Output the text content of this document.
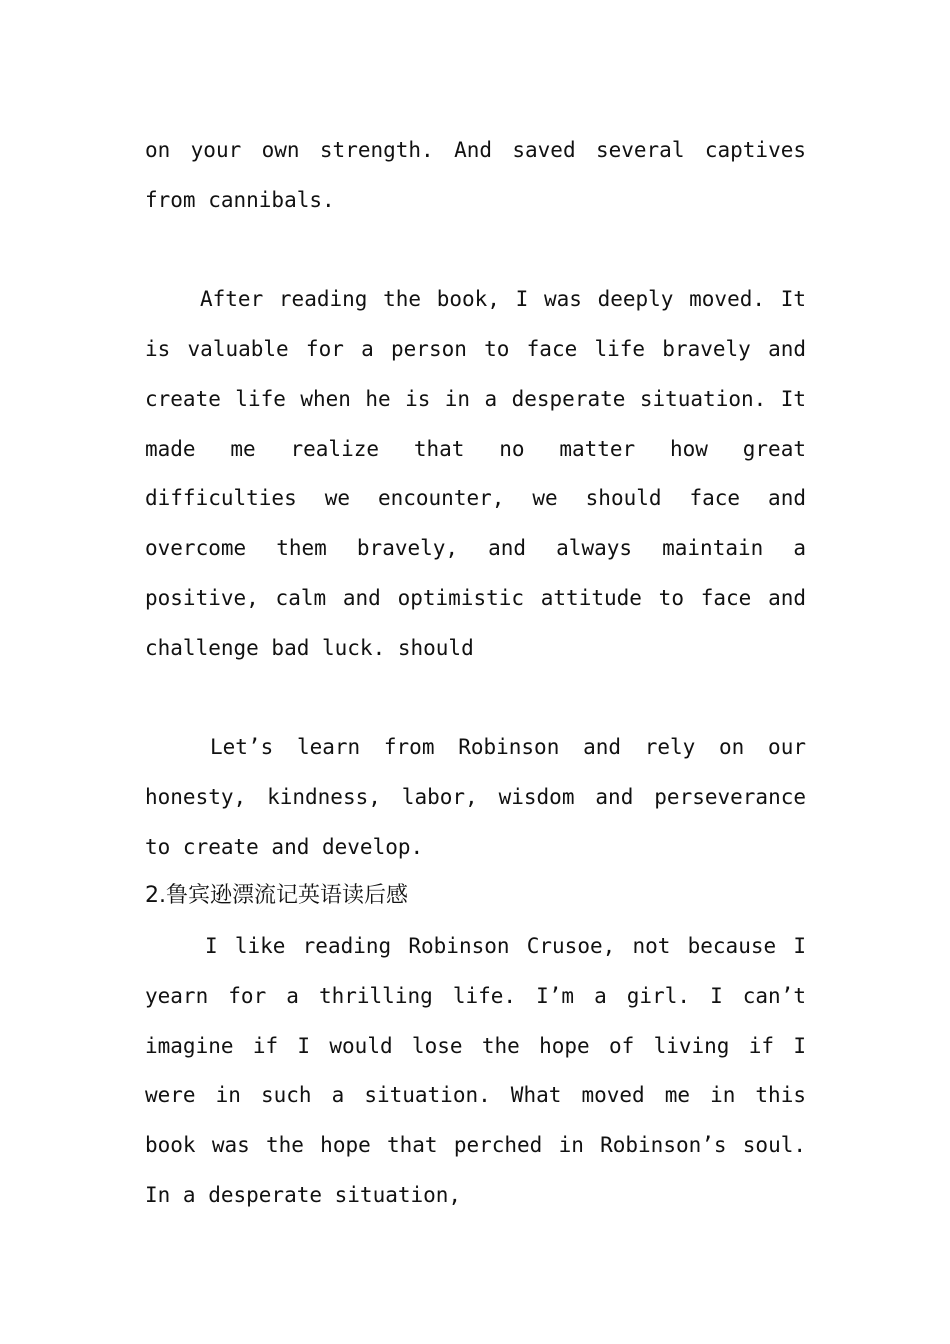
on your own strength. And saved several captives
from cannibals.
After reading the book, I was deeply moved. It
is valuable for a person to face life bravely and
create life when he is in a desperate situation. It
made me realize that no matter how great
difficulties we encounter, we should face and
overcome them bravely, and always maintain a
positive, calm and optimistic attitude to face and
challenge bad luck. should
Let’s learn from Robinson and rely on our
honesty, kindness, labor, wisdom and perseverance
to create and develop.
2.鲁宾逊漂流记英语读后感
I like reading Robinson Crusoe, not because I
yearn for a thrilling life. I’m a girl. I can’t
imagine if I would lose the hope of living if I
were in such a situation. What moved me in this
book was the hope that perched in Robinson’s soul.
In a desperate situation,
